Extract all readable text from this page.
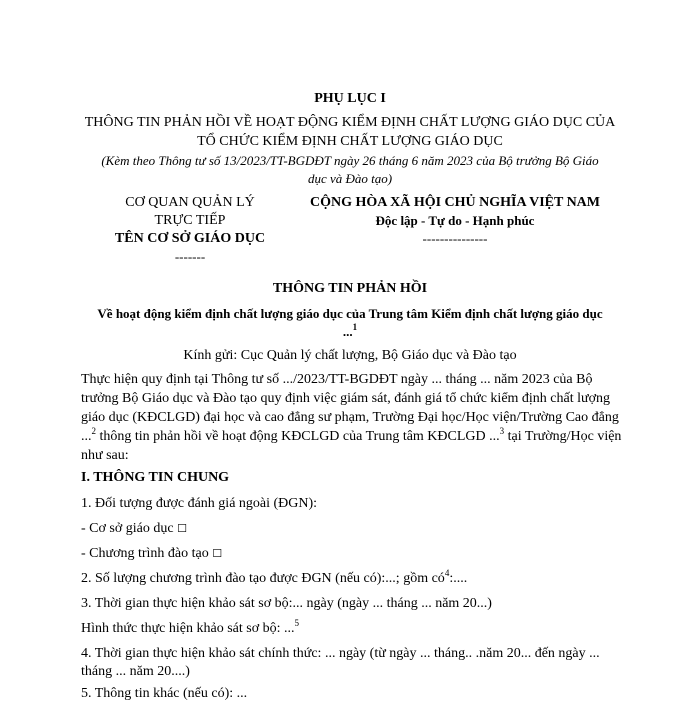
PHỤ LỤC I
THÔNG TIN PHẢN HỒI VỀ HOẠT ĐỘNG KIỂM ĐỊNH CHẤT LƯỢNG GIÁO DỤC CỦA
TỔ CHỨC KIỂM ĐỊNH CHẤT LƯỢNG GIÁO DỤC
(Kèm theo Thông tư số 13/2023/TT-BGDĐT ngày 26 tháng 6 năm 2023 của Bộ trưởng Bộ Giáo
dục và Đào tạo)
CƠ QUAN QUẢN LÝ
TRỰC TIẾP
TÊN CƠ SỞ GIÁO DỤC
-------
CỘNG HÒA XÃ HỘI CHỦ NGHĨA VIỆT NAM
Độc lập - Tự do - Hạnh phúc
---------------
THÔNG TIN PHẢN HỒI
Về hoạt động kiểm định chất lượng giáo dục của Trung tâm Kiểm định chất lượng giáo dục
...$^1$
Kính gửi: Cục Quản lý chất lượng, Bộ Giáo dục và Đào tạo
Thực hiện quy định tại Thông tư số .../2023/TT-BGDĐT ngày ... tháng ... năm 2023 của Bộ
trưởng Bộ Giáo dục và Đào tạo quy định việc giám sát, đánh giá tổ chức kiểm định chất lượng
giáo dục (KĐCLGD) đại học và cao đẳng sư phạm, Trường Đại học/Học viện/Trường Cao đẳng
...$^2$ thông tin phản hồi về hoạt động KĐCLGD của Trung tâm KĐCLGD ...$^3$ tại Trường/Học viện
như sau:
I. THÔNG TIN CHUNG
1. Đối tượng được đánh giá ngoài (ĐGN):
- Cơ sở giáo dục ☐
- Chương trình đào tạo ☐
2. Số lượng chương trình đào tạo được ĐGN (nếu có):...; gồm $có^4$:....
3. Thời gian thực hiện khảo sát sơ bộ:... ngày (ngày ... tháng ... năm 20...)
Hình thức thực hiện khảo sát sơ bộ: ...$^5$
4. Thời gian thực hiện khảo sát chính thức: ... ngày (từ ngày ... tháng.. .năm 20... đến ngày ...
tháng ... năm 20....)
5. Thông tin khác (nếu có): ...
